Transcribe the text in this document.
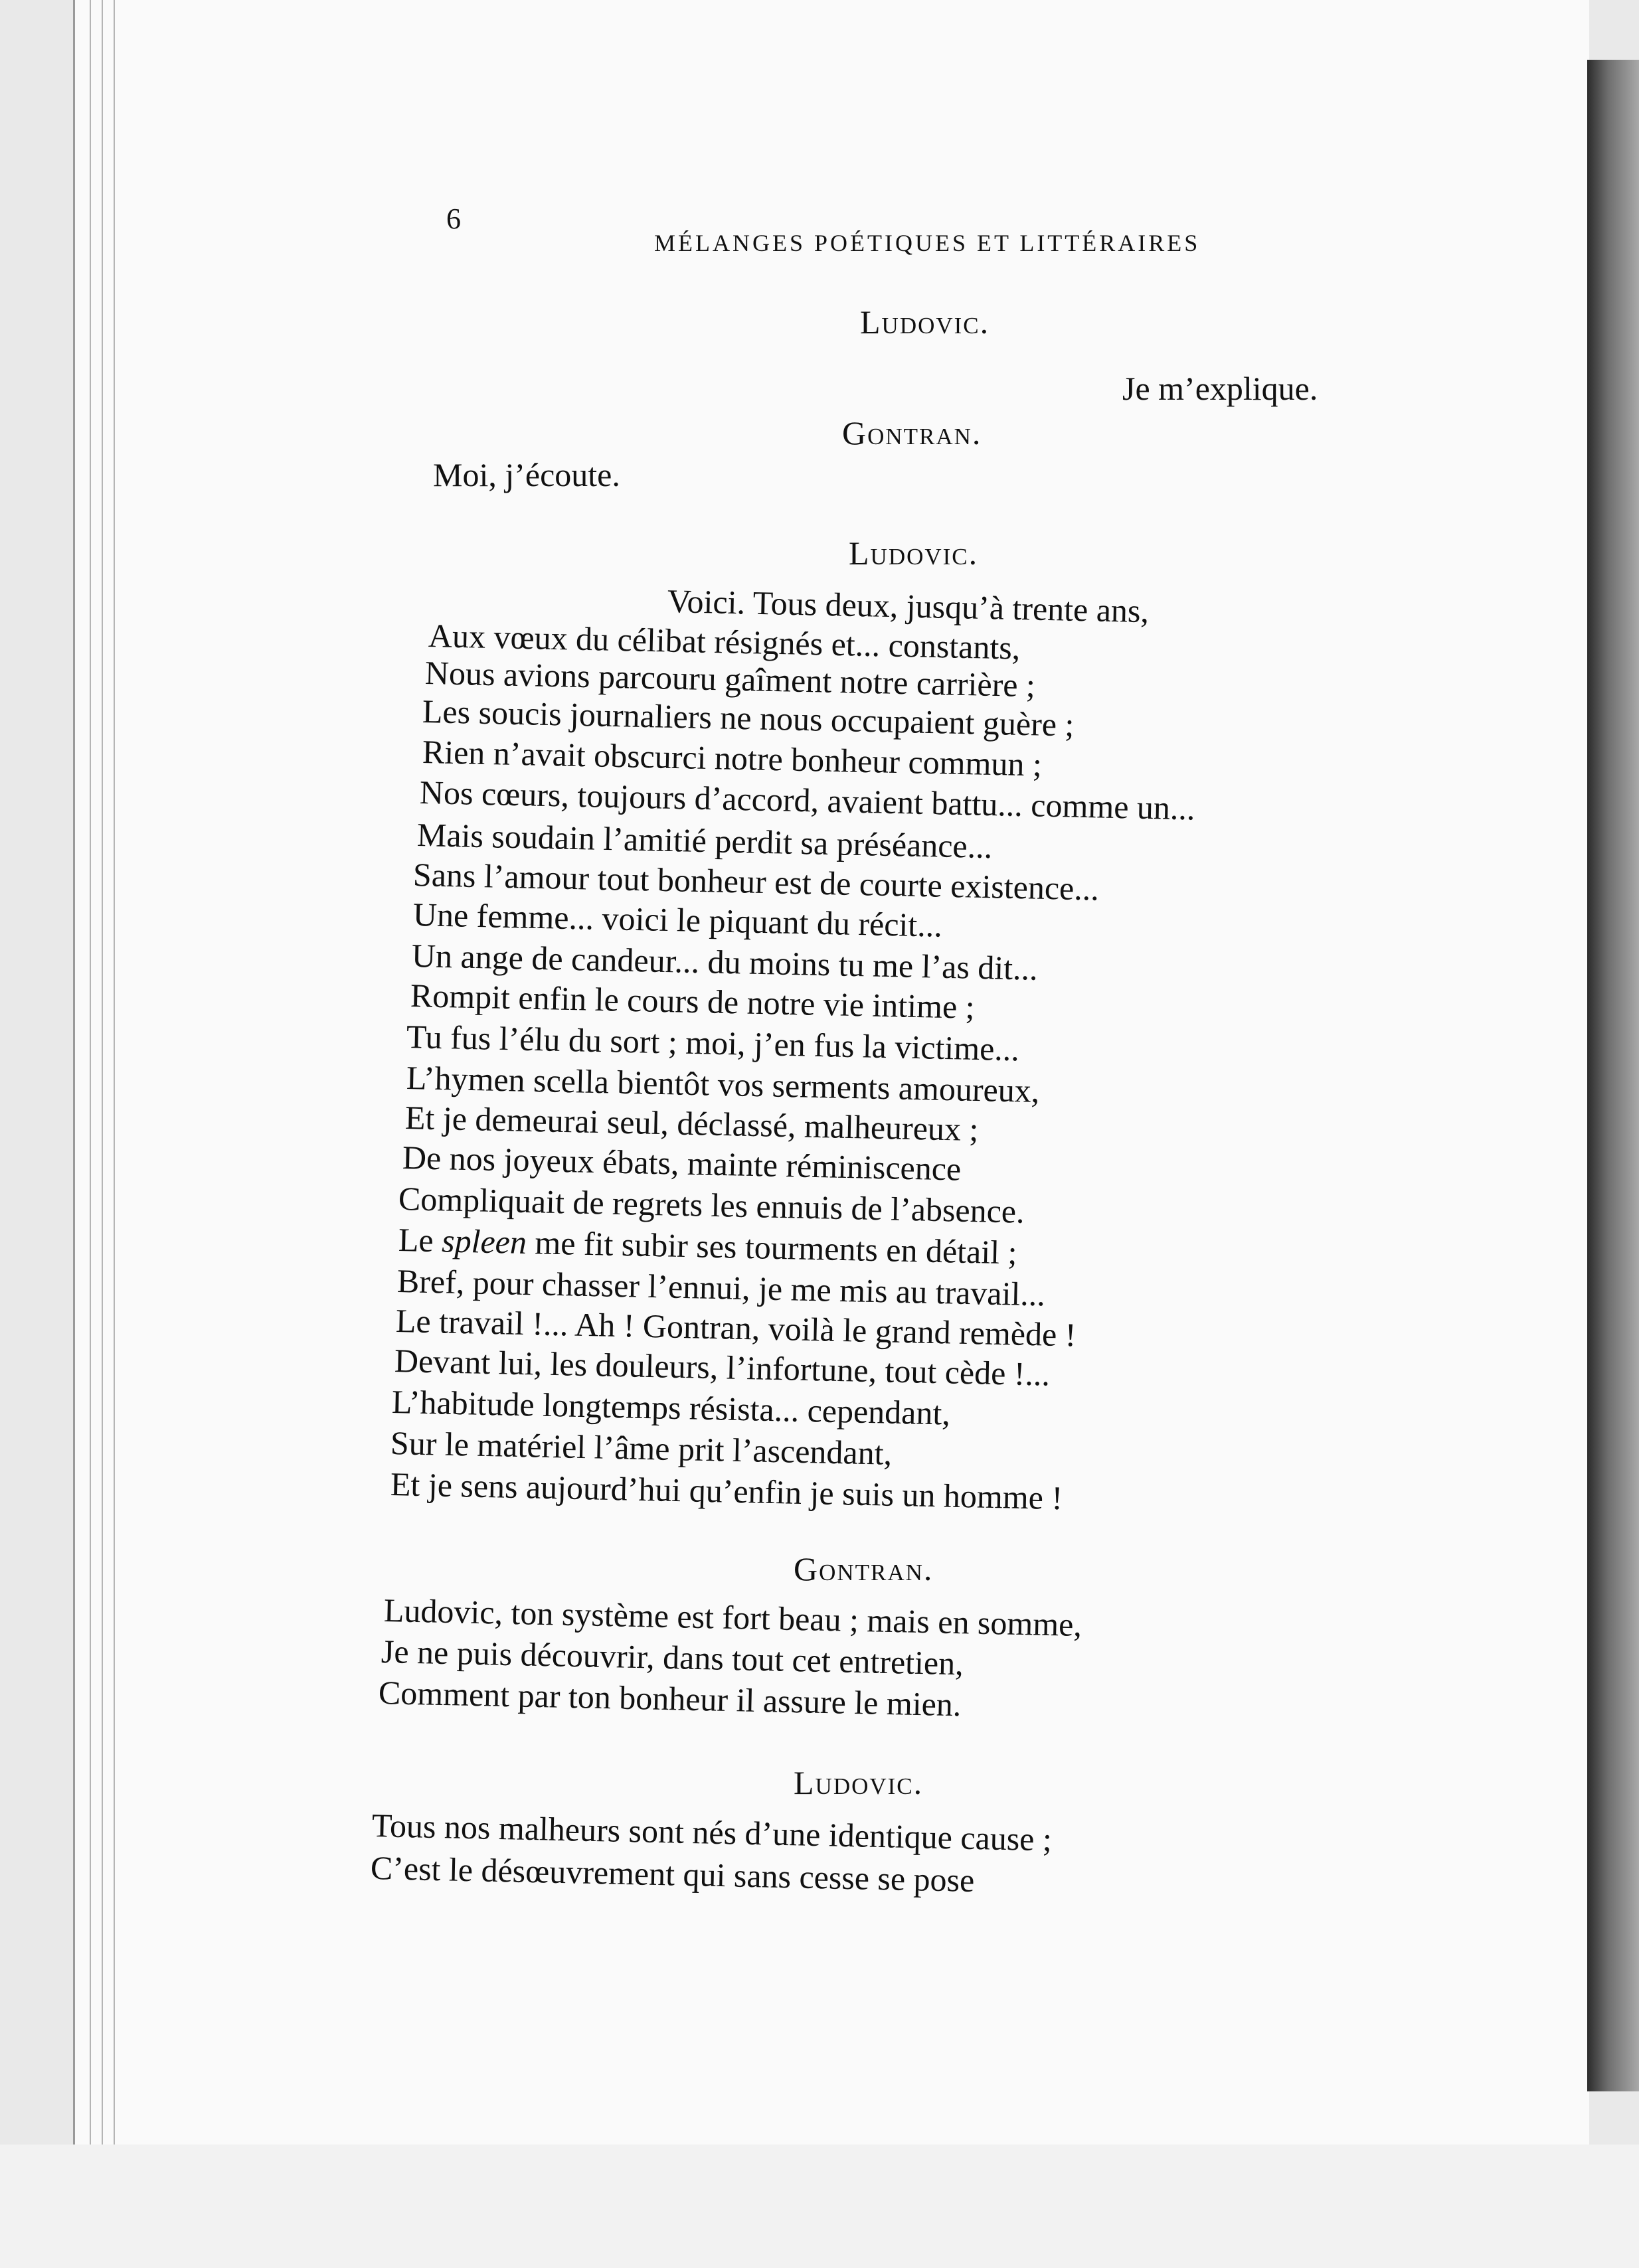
6
MÉLANGES POÉTIQUES ET LITTÉRAIRES
Ludovic.
Je m’explique.
Gontran.
Moi, j’écoute.
Ludovic.
Voici. Tous deux, jusqu’à trente ans,
Aux vœux du célibat résignés et... constants,
Nous avions parcouru gaîment notre carrière ;
Les soucis journaliers ne nous occupaient guère ;
Rien n’avait obscurci notre bonheur commun ;
Nos cœurs, toujours d’accord, avaient battu... comme un...
Mais soudain l’amitié perdit sa préséance...
Sans l’amour tout bonheur est de courte existence...
Une femme... voici le piquant du récit...
Un ange de candeur... du moins tu me l’as dit...
Rompit enfin le cours de notre vie intime ;
Tu fus l’élu du sort ; moi, j’en fus la victime...
L’hymen scella bientôt vos serments amoureux,
Et je demeurai seul, déclassé, malheureux ;
De nos joyeux ébats, mainte réminiscence
Compliquait de regrets les ennuis de l’absence.
Le spleen me fit subir ses tourments en détail ;
Bref, pour chasser l’ennui, je me mis au travail...
Le travail !... Ah ! Gontran, voilà le grand remède !
Devant lui, les douleurs, l’infortune, tout cède !...
L’habitude longtemps résista... cependant,
Sur le matériel l’âme prit l’ascendant,
Et je sens aujourd’hui qu’enfin je suis un homme !
Gontran.
Ludovic, ton système est fort beau ; mais en somme,
Je ne puis découvrir, dans tout cet entretien,
Comment par ton bonheur il assure le mien.
Ludovic.
Tous nos malheurs sont nés d’une identique cause ;
C’est le désœuvrement qui sans cesse se pose
